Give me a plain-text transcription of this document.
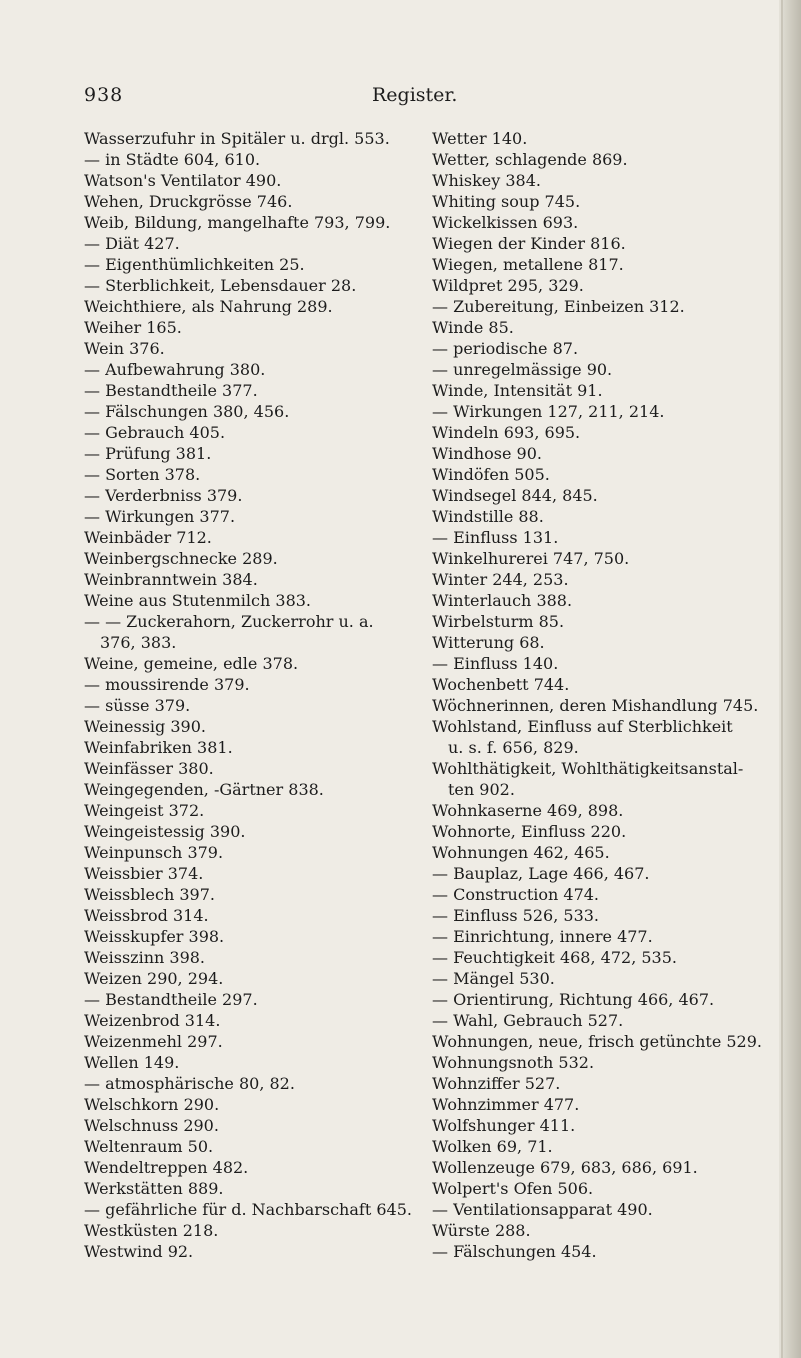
938	Register.
Wasserzufuhr in Spitäler u. drgl. 553.
— in Städte 604, 610.
Watson's Ventilator 490.
Wehen, Druckgrösse 746.
Weib, Bildung, mangelhafte 793, 799.
— Diät 427.
— Eigenthümlichkeiten 25.
— Sterblichkeit, Lebensdauer 28.
Weichthiere, als Nahrung 289.
Weiher 165.
Wein 376.
— Aufbewahrung 380.
— Bestandtheile 377.
— Fälschungen 380, 456.
— Gebrauch 405.
— Prüfung 381.
— Sorten 378.
— Verderbniss 379.
— Wirkungen 377.
Weinbäder 712.
Weinbergschnecke 289.
Weinbranntwein 384.
Weine aus Stutenmilch 383.
— — Zuckerahorn, Zuckerrohr u. a.
376, 383.
Weine, gemeine, edle 378.
— moussirende 379.
— süsse 379.
Weinessig 390.
Weinfabriken 381.
Weinfässer 380.
Weingegenden, -Gärtner 838.
Weingeist 372.
Weingeistessig 390.
Weinpunsch 379.
Weissbier 374.
Weissblech 397.
Weissbrod 314.
Weisskupfer 398.
Weisszinn 398.
Weizen 290, 294.
— Bestandtheile 297.
Weizenbrod 314.
Weizenmehl 297.
Wellen 149.
— atmosphärische 80, 82.
Welschkorn 290.
Welschnuss 290.
Weltenraum 50.
Wendeltreppen 482.
Werkstätten 889.
— gefährliche für d. Nachbarschaft 645.
Westküsten 218.
Westwind 92.
Wetter 140.
Wetter, schlagende 869.
Whiskey 384.
Whiting soup 745.
Wickelkissen 693.
Wiegen der Kinder 816.
Wiegen, metallene 817.
Wildpret 295, 329.
— Zubereitung, Einbeizen 312.
Winde 85.
— periodische 87.
— unregelmässige 90.
Winde, Intensität 91.
— Wirkungen 127, 211, 214.
Windeln 693, 695.
Windhose 90.
Windöfen 505.
Windsegel 844, 845.
Windstille 88.
— Einfluss 131.
Winkelhurerei 747, 750.
Winter 244, 253.
Winterlauch 388.
Wirbelsturm 85.
Witterung 68.
— Einfluss 140.
Wochenbett 744.
Wöchnerinnen, deren Mishandlung 745.
Wohlstand, Einfluss auf Sterblichkeit
u. s. f. 656, 829.
Wohlthätigkeit, Wohlthätigkeitsanstal-
ten 902.
Wohnkaserne 469, 898.
Wohnorte, Einfluss 220.
Wohnungen 462, 465.
— Bauplaz, Lage 466, 467.
— Construction 474.
— Einfluss 526, 533.
— Einrichtung, innere 477.
— Feuchtigkeit 468, 472, 535.
— Mängel 530.
— Orientirung, Richtung 466, 467.
— Wahl, Gebrauch 527.
Wohnungen, neue, frisch getünchte 529.
Wohnungsnoth 532.
Wohnziffer 527.
Wohnzimmer 477.
Wolfshunger 411.
Wolken 69, 71.
Wollenzeuge 679, 683, 686, 691.
Wolpert's Ofen 506.
— Ventilationsapparat 490.
Würste 288.
— Fälschungen 454.
